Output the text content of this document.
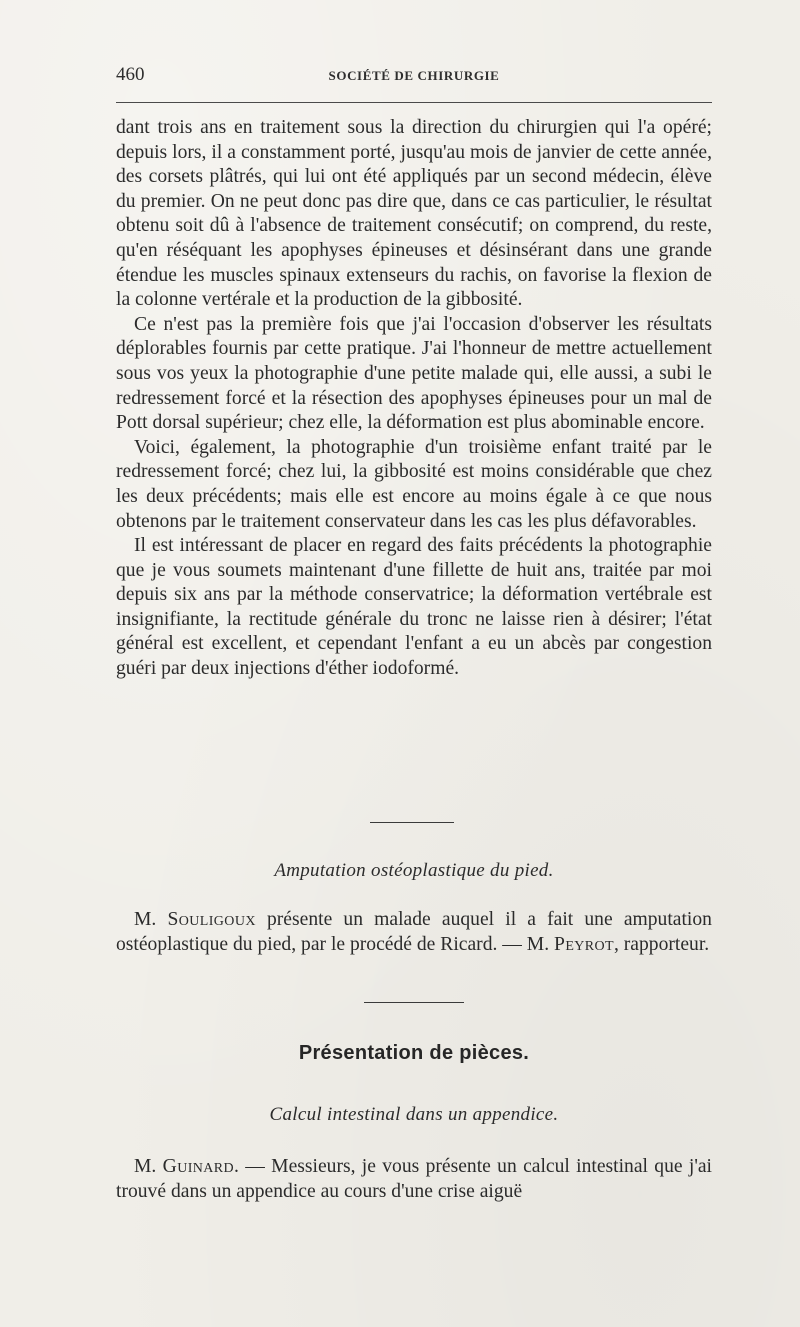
460	SOCIÉTÉ DE CHIRURGIE

dant trois ans en traitement sous la direction du chirurgien qui l'a opéré; depuis lors, il a constamment porté, jusqu'au mois de janvier de cette année, des corsets plâtrés, qui lui ont été appliqués par un second médecin, élève du premier. On ne peut donc pas dire que, dans ce cas particulier, le résultat obtenu soit dû à l'absence de traitement consécutif; on comprend, du reste, qu'en réséquant les apophyses épineuses et désinsérant dans une grande étendue les muscles spinaux extenseurs du rachis, on favorise la flexion de la colonne vertérale et la production de la gibbosité.

Ce n'est pas la première fois que j'ai l'occasion d'observer les résultats déplorables fournis par cette pratique. J'ai l'honneur de mettre actuellement sous vos yeux la photographie d'une petite malade qui, elle aussi, a subi le redressement forcé et la résection des apophyses épineuses pour un mal de Pott dorsal supérieur; chez elle, la déformation est plus abominable encore.

Voici, également, la photographie d'un troisième enfant traité par le redressement forcé; chez lui, la gibbosité est moins considérable que chez les deux précédents; mais elle est encore au moins égale à ce que nous obtenons par le traitement conservateur dans les cas les plus défavorables.

Il est intéressant de placer en regard des faits précédents la photographie que je vous soumets maintenant d'une fillette de huit ans, traitée par moi depuis six ans par la méthode conservatrice; la déformation vertébrale est insignifiante, la rectitude générale du tronc ne laisse rien à désirer; l'état général est excellent, et cependant l'enfant a eu un abcès par congestion guéri par deux injections d'éther iodoformé.

Amputation ostéoplastique du pied.

M. Souligoux présente un malade auquel il a fait une amputation ostéoplastique du pied, par le procédé de Ricard. — M. Peyrot, rapporteur.

Présentation de pièces.
Calcul intestinal dans un appendice.

M. Guinard. — Messieurs, je vous présente un calcul intestinal que j'ai trouvé dans un appendice au cours d'une crise aiguë
